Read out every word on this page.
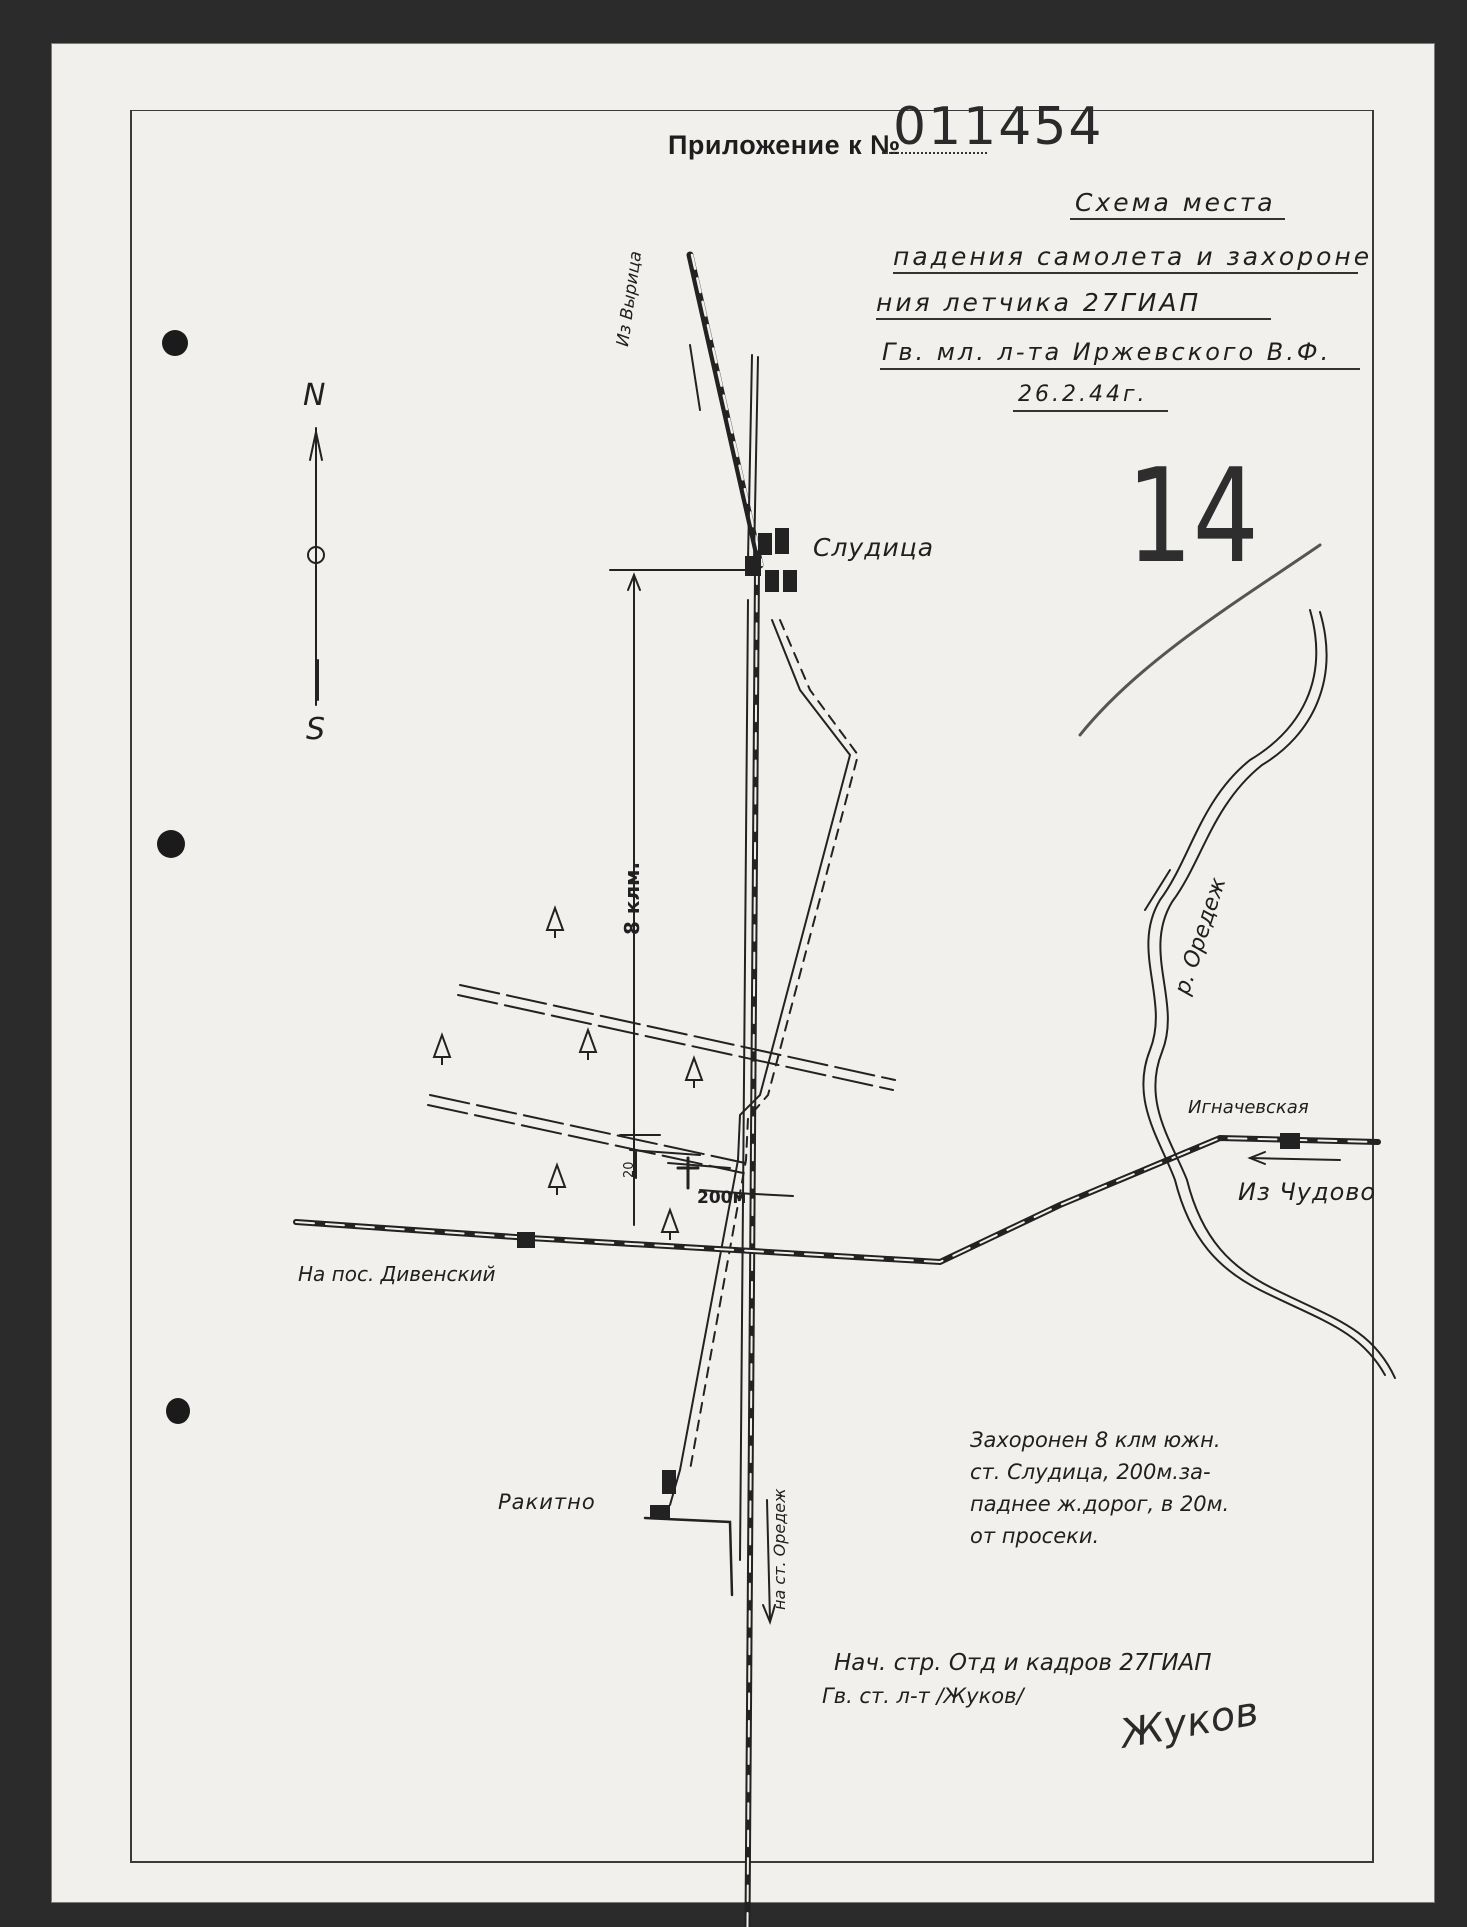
Приложение к №
011454
Схема места
падения самолета и захороне
ния летчика 27ГИАП
Гв. мл. л-та Иржевского В.Ф.
26.2.44г.
14
N
S
Слудица
Игначевская
Ракитно
Из Чудово
На пос. Дивенский
Из Вырица
на ст. Оредеж
р. Оредеж
8 клм.
20
200м
Захоронен 8 клм южн.
ст. Слудица, 200м.за-
паднее ж.дорог, в 20м.
от просеки.
Нач. стр. Отд и кадров 27ГИАП
Гв. ст. л-т /Жуков/ Жуков
